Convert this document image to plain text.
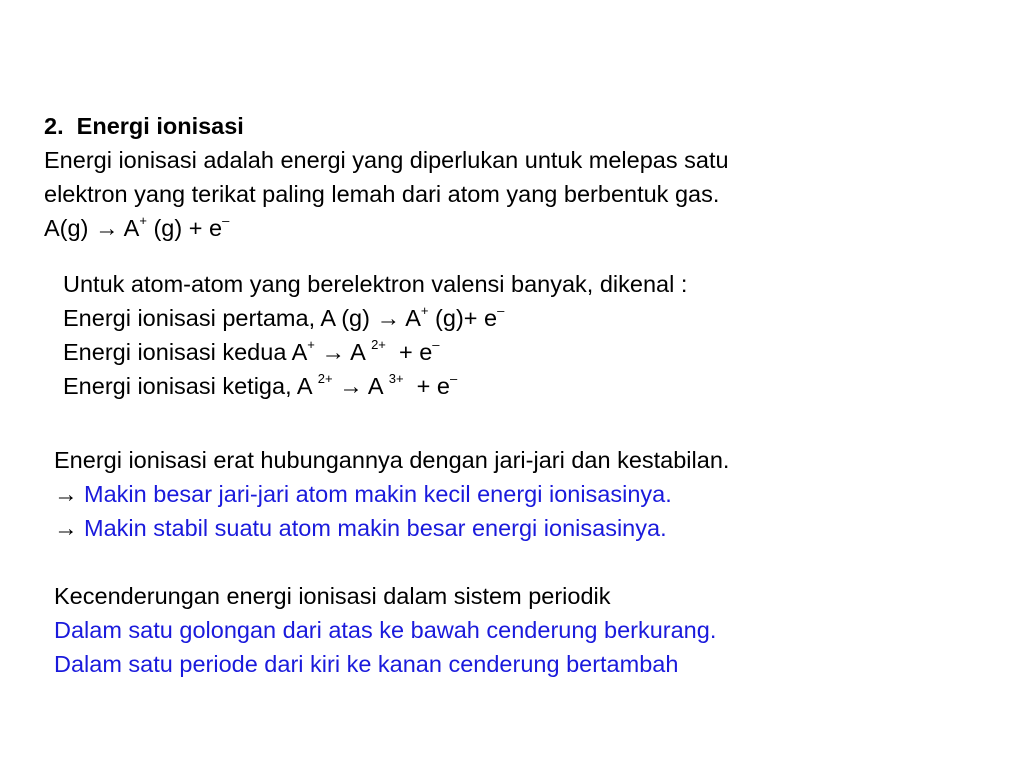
2. Energi ionisasi
Energi ionisasi adalah energi yang diperlukan untuk melepas satu
elektron yang terikat paling lemah dari atom yang berbentuk gas.
A(g) → A+ (g) + e–
Untuk atom-atom yang berelektron valensi banyak, dikenal :
Energi ionisasi pertama, A (g) → A+ (g)+ e–
Energi ionisasi kedua A+ → A $^{2+}$ + e–
Energi ionisasi ketiga, A $^{2+}$ → A $^{3+}$ + e–
Energi ionisasi erat hubungannya dengan jari-jari dan kestabilan.
→ Makin besar jari-jari atom makin kecil energi ionisasinya.
→ Makin stabil suatu atom makin besar energi ionisasinya.
Kecenderungan energi ionisasi dalam sistem periodik
Dalam satu golongan dari atas ke bawah cenderung berkurang.
Dalam satu periode dari kiri ke kanan cenderung bertambah
